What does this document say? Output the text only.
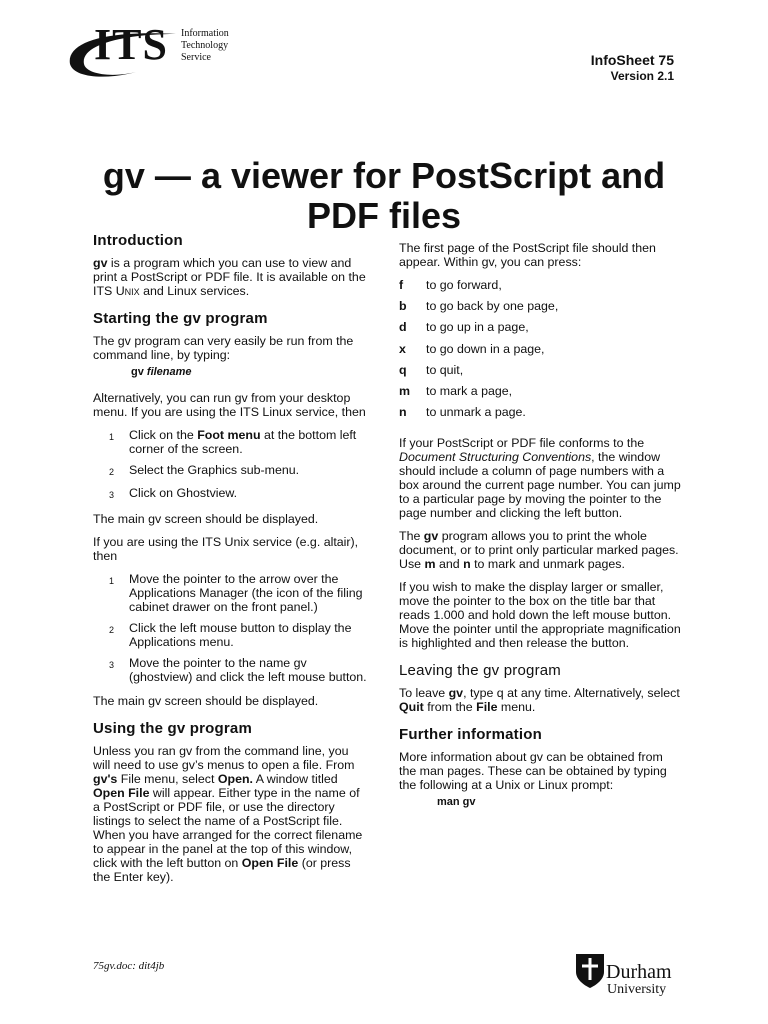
ITS Information
Technology
Service	InfoSheet 75
Version 2.1
gv — a viewer for PostScript and
PDF files
Introduction

gv is a program which you can use to view and print a PostScript or PDF file. It is available on the ITS Unix and Linux services.

Starting the gv program

The gv program can very easily be run from the command line, by typing:

gv filename

Alternatively, you can run gv from your desktop menu. If you are using the ITS Linux service, then

1	Click on the Foot menu at the bottom left corner of the screen.
2	Select the Graphics sub-menu.
3	Click on Ghostview.

The main gv screen should be displayed.

If you are using the ITS Unix service (e.g. altair), then

1	Move the pointer to the arrow over the Applications Manager (the icon of the filing cabinet drawer on the front panel.)
2	Click the left mouse button to display the Applications menu.
3	Move the pointer to the name gv (ghostview) and click the left mouse button.

The main gv screen should be displayed.

Using the gv program

Unless you ran gv from the command line, you will need to use gv’s menus to open a file. From gv's File menu, select Open. A window titled Open File will appear. Either type in the name of a PostScript or PDF file, or use the directory listings to select the name of a PostScript file. When you have arranged for the correct filename to appear in the panel at the top of this window, click with the left button on Open File (or press the Enter key).

The first page of the PostScript file should then appear. Within gv, you can press:

f	to go forward,
b	to go back by one page,
d	to go up in a page,
x	to go down in a page,
q	to quit,
m	to mark a page,
n	to unmark a page.

If your PostScript or PDF file conforms to the Document Structuring Conventions, the window should include a column of page numbers with a box around the current page number. You can jump to a particular page by moving the pointer to the page number and clicking the left button.

The gv program allows you to print the whole document, or to print only particular marked pages. Use m and n to mark and unmark pages.

If you wish to make the display larger or smaller, move the pointer to the box on the title bar that reads 1.000 and hold down the left mouse button. Move the pointer until the appropriate magnification is highlighted and then release the button.

Leaving the gv program

To leave gv, type q at any time. Alternatively, select Quit from the File menu.

Further information

More information about gv can be obtained from the man pages. These can be obtained by typing the following at a Unix or Linux prompt:

man gv
75gv.doc: dit4jb	Durham
University
